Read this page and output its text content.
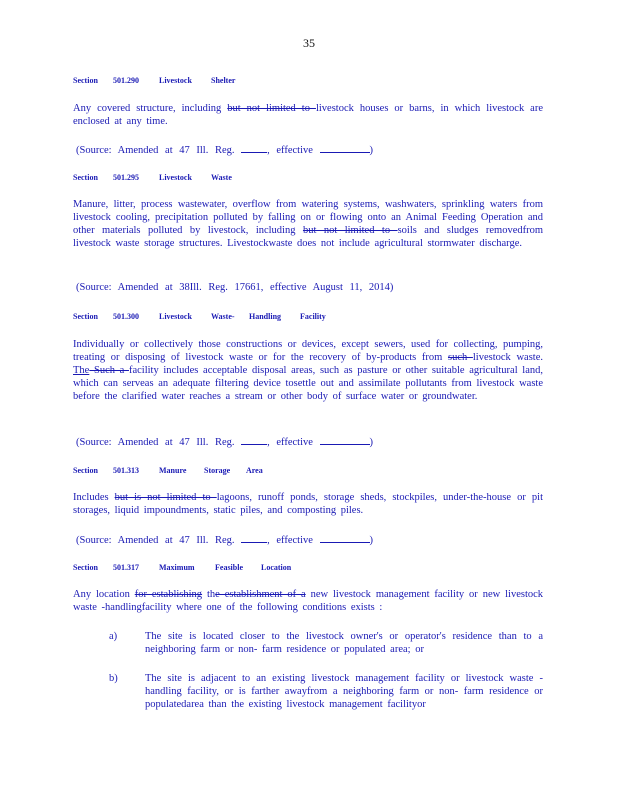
35
Section 501.290	Livestock Shelter
Any covered structure, including but not limited to livestock houses or barns, in which livestock are enclosed at any time.
(Source: Amended at 47 Ill. Reg.	, effective	)
Section 501.295	Livestock Waste
Manure, litter, process wastewater, overflow from watering systems, washwaters, sprinkling waters from livestock cooling, precipitation polluted by falling on or flowing onto an Animal Feeding Operation and other materials polluted by livestock, including but not limited to soils and sludges removedfrom livestock waste storage structures. Livestockwaste does not include agricultural stormwater discharge.
(Source: Amended at 38Ill. Reg. 17661, effective August 11, 2014)
Section 501.300	Livestock Waste- Handling Facility
Individually or collectively those constructions or devices, except sewers, used for collecting, pumping, treating or disposing of livestock waste or for the recovery of by-products from such livestock waste. The Such a facility includes acceptable disposal areas, such as pasture or other suitable agricultural land, which can serveas an adequate filtering device tosettle out and assimilate pollutants from livestock waste before the clarified water reaches a stream or other body of surface water or groundwater.
(Source: Amended at 47 Ill. Reg.	, effective	)
Section 501.313	Manure Storage Area
Includes but is not limited to lagoons, runoff ponds, storage sheds, stockpiles, under-the-house or pit storages, liquid impoundments, static piles, and composting piles.
(Source: Amended at 47 Ill. Reg.	, effective	)
Section 501.317	Maximum	Feasible Location
Any location for establishing the establishment of a new livestock management facility or new livestock waste -handlingfacility where one of the following conditions exists :
a)	The site is located closer to the livestock owner's or operator's residence than to a neighboring farm or non- farm residence or populated area; or
b)	The site is adjacent to an existing livestock management facility or livestock waste -handling facility, or is farther awayfrom a neighboring farm or non- farm residence or populatedarea than the existing livestock management facilityor
